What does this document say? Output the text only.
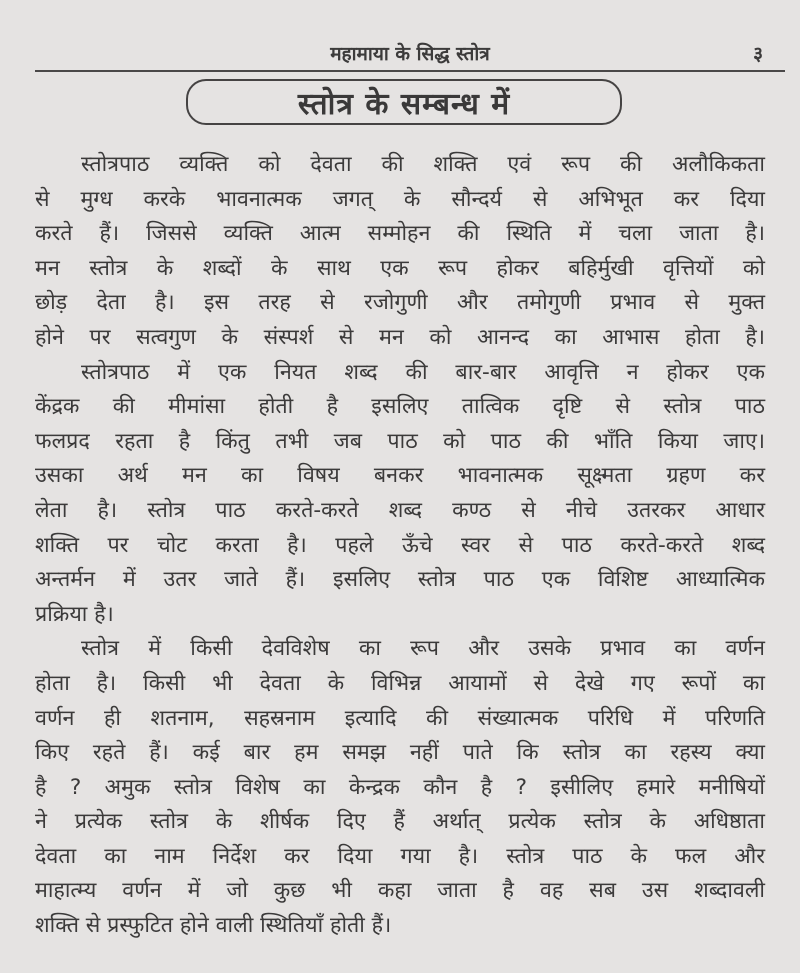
महामाया के सिद्ध स्तोत्र	३
स्तोत्र के सम्बन्ध में
स्तोत्रपाठ व्यक्ति को देवता की शक्ति एवं रूप की अलौकिकता
से मुग्ध करके भावनात्मक जगत् के सौन्दर्य से अभिभूत कर दिया
करते हैं। जिससे व्यक्ति आत्म सम्मोहन की स्थिति में चला जाता है।
मन स्तोत्र के शब्दों के साथ एक रूप होकर बहिर्मुखी वृत्तियों को
छोड़ देता है। इस तरह से रजोगुणी और तमोगुणी प्रभाव से मुक्त
होने पर सत्वगुण के संस्पर्श से मन को आनन्द का आभास होता है।
स्तोत्रपाठ में एक नियत शब्द की बार-बार आवृत्ति न होकर एक
केंद्रक की मीमांसा होती है इसलिए तात्विक दृष्टि से स्तोत्र पाठ
फलप्रद रहता है किंतु तभी जब पाठ को पाठ की भाँति किया जाए।
उसका अर्थ मन का विषय बनकर भावनात्मक सूक्ष्मता ग्रहण कर
लेता है। स्तोत्र पाठ करते-करते शब्द कण्ठ से नीचे उतरकर आधार
शक्ति पर चोट करता है। पहले ऊँचे स्वर से पाठ करते-करते शब्द
अन्तर्मन में उतर जाते हैं। इसलिए स्तोत्र पाठ एक विशिष्ट आध्यात्मिक
प्रक्रिया है।
स्तोत्र में किसी देवविशेष का रूप और उसके प्रभाव का वर्णन
होता है। किसी भी देवता के विभिन्न आयामों से देखे गए रूपों का
वर्णन ही शतनाम, सहस्रनाम इत्यादि की संख्यात्मक परिधि में परिणति
किए रहते हैं। कई बार हम समझ नहीं पाते कि स्तोत्र का रहस्य क्या
है ? अमुक स्तोत्र विशेष का केन्द्रक कौन है ? इसीलिए हमारे मनीषियों
ने प्रत्येक स्तोत्र के शीर्षक दिए हैं अर्थात् प्रत्येक स्तोत्र के अधिष्ठाता
देवता का नाम निर्देश कर दिया गया है। स्तोत्र पाठ के फल और
माहात्म्य वर्णन में जो कुछ भी कहा जाता है वह सब उस शब्दावली
शक्ति से प्रस्फुटित होने वाली स्थितियाँ होती हैं।
